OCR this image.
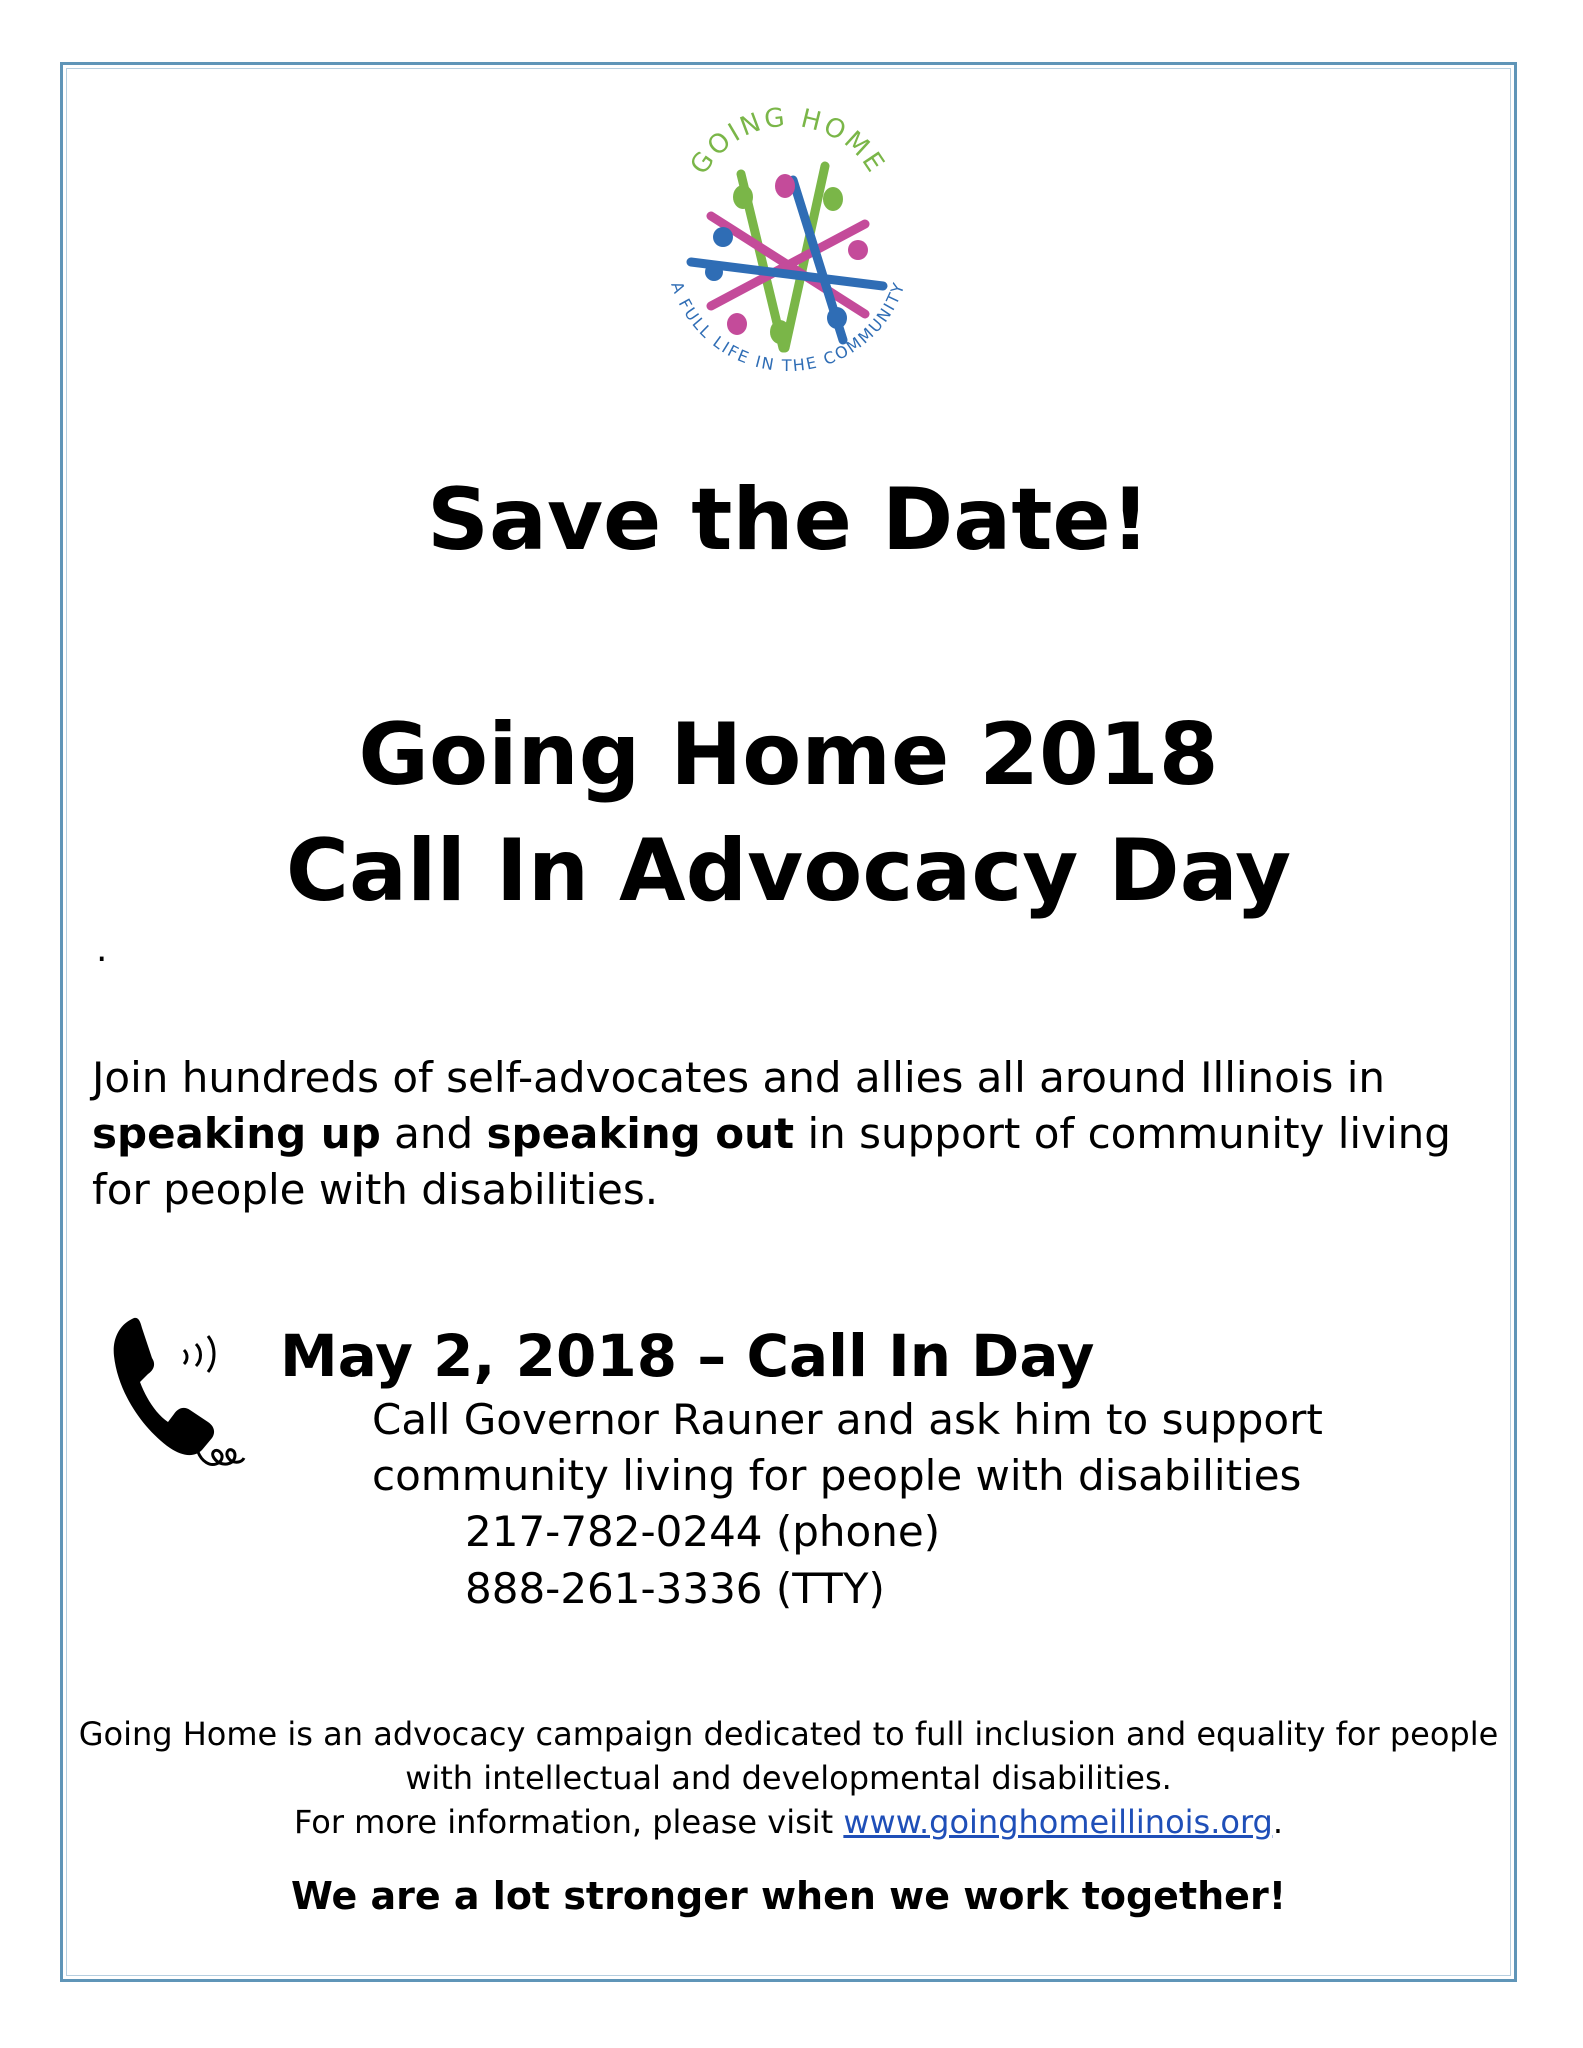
GOING HOME
A FULL LIFE IN THE COMMUNITY
Save the Date!
Going Home 2018
Call In Advocacy Day
.
Join hundreds of self-advocates and allies all around Illinois in speaking up and speaking out in support of community living for people with disabilities.
May 2, 2018 – Call In Day
Call Governor Rauner and ask him to support
community living for people with disabilities
217-782-0244 (phone)
888-261-3336 (TTY)
Going Home is an advocacy campaign dedicated to full inclusion and equality for people
with intellectual and developmental disabilities.
For more information, please visit www.goinghomeillinois.org.
We are a lot stronger when we work together!
